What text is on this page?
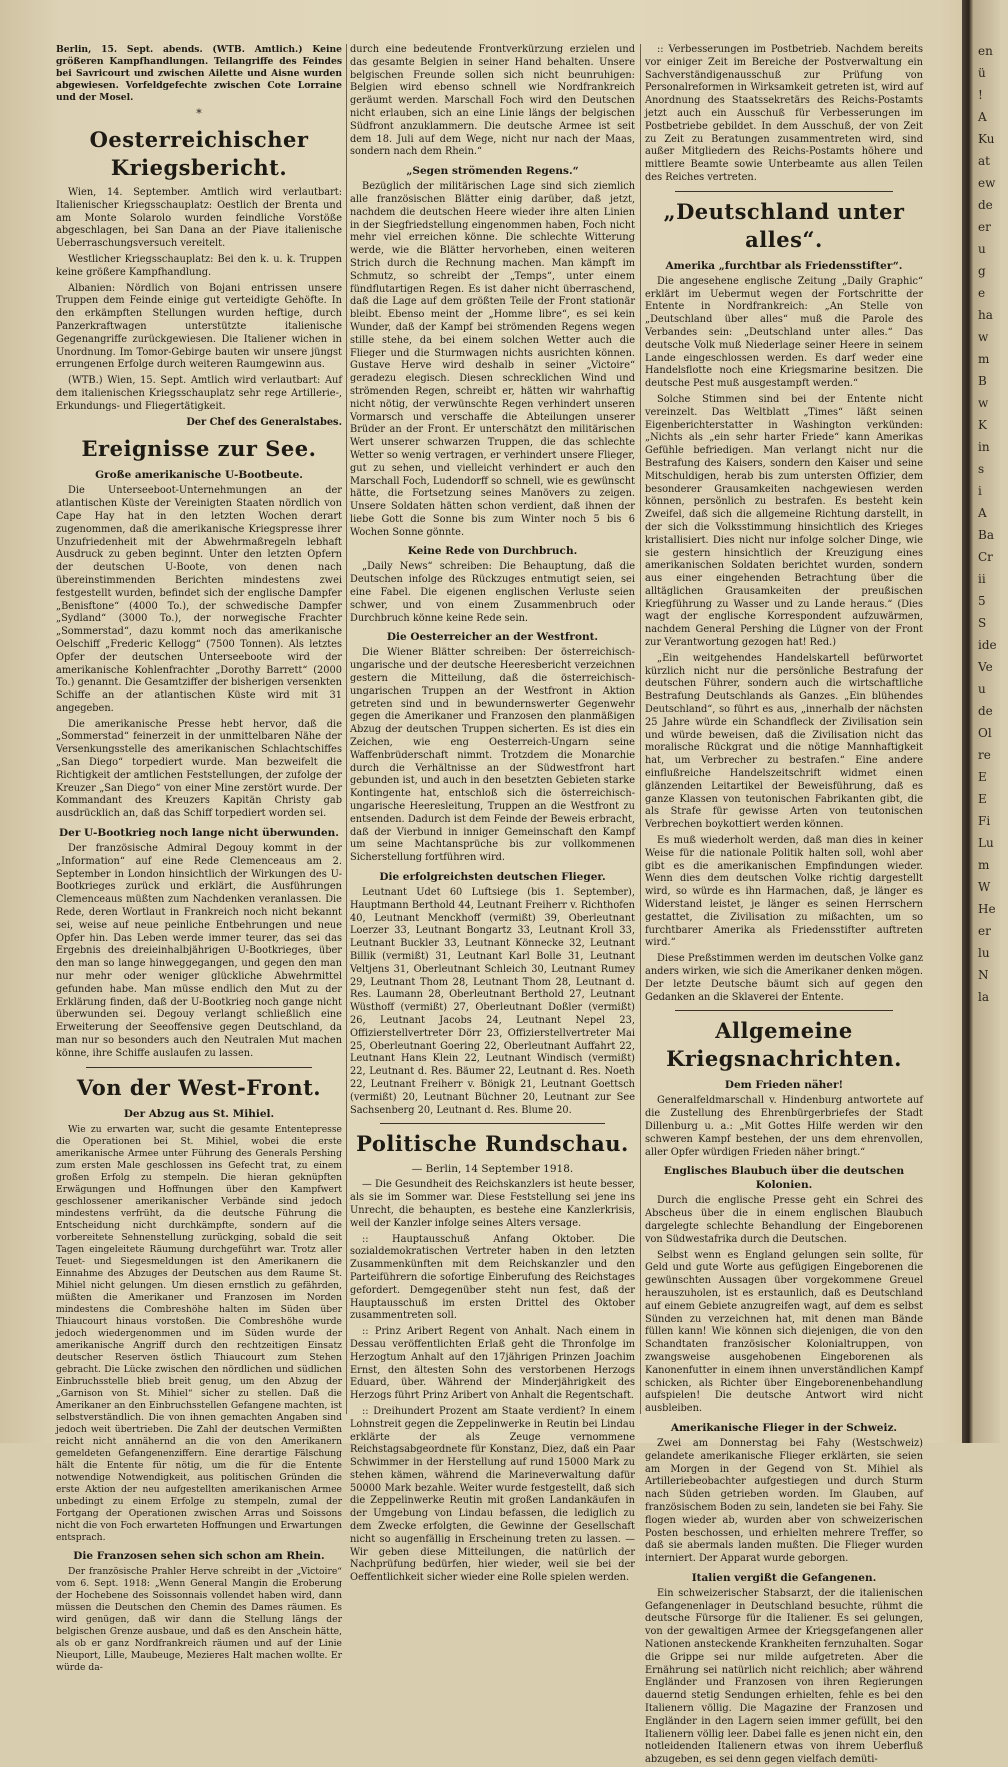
Berlin, 15. Sept. abends. (WTB. Amtlich.) Keine größeren Kampfhandlungen. Teilangriffe des Feindes bei Savricourt und zwischen Ailette und Aisne wurden abgewiesen. Vorfeldgefechte zwischen Cote Lorraine und der Mosel.

*
Oesterreichischer Kriegsbericht.

Wien, 14. September. Amtlich wird verlautbart: Italienischer Kriegsschauplatz: Oestlich der Brenta und am Monte Solarolo wurden feindliche Vorstöße abgeschlagen, bei San Dana an der Piave italienische Ueberraschungsversuch vereitelt.

Westlicher Kriegsschauplatz: Bei den k. u. k. Truppen keine größere Kampfhandlung.

Albanien: Nördlich von Bojani entrissen unsere Truppen dem Feinde einige gut verteidigte Gehöfte. In den erkämpften Stellungen wurden heftige, durch Panzerkraftwagen unterstützte italienische Gegenangriffe zurückgewiesen. Die Italiener wichen in Unordnung. Im Tomor-Gebirge bauten wir unsere jüngst errungenen Erfolge durch weiteren Raumgewinn aus.

(WTB.) Wien, 15. Sept. Amtlich wird verlautbart: Auf dem italienischen Kriegsschauplatz sehr rege Artillerie-, Erkundungs- und Fliegertätigkeit.

Der Chef des Generalstabes.

Ereignisse zur See.
Große amerikanische U-Bootbeute.

Die Unterseeboot-Unternehmungen an der atlantischen Küste der Vereinigten Staaten nördlich von Cape Hay hat in den letzten Wochen derart zugenommen, daß die amerikanische Kriegspresse ihrer Unzufriedenheit mit der Abwehrmaßregeln lebhaft Ausdruck zu geben beginnt. Unter den letzten Opfern der deutschen U-Boote, von denen nach übereinstimmenden Berichten mindestens zwei festgestellt wurden, befindet sich der englische Dampfer „Benisftone“ (4000 To.), der schwedische Dampfer „Sydland“ (3000 To.), der norwegische Frachter „Sommerstad“, dazu kommt noch das amerikanische Oelschiff „Frederic Kellogg“ (7500 Tonnen). Als letztes Opfer der deutschen Unterseeboote wird der amerikanische Kohlenfrachter „Dorothy Barrett“ (2000 To.) genannt. Die Gesamtziffer der bisherigen versenkten Schiffe an der atlantischen Küste wird mit 31 angegeben.

Die amerikanische Presse hebt hervor, daß die „Sommerstad“ feinerzeit in der unmittelbaren Nähe der Versenkungsstelle des amerikanischen Schlachtschiffes „San Diego“ torpediert wurde. Man bezweifelt die Richtigkeit der amtlichen Feststellungen, der zufolge der Kreuzer „San Diego“ von einer Mine zerstört wurde. Der Kommandant des Kreuzers Kapitän Christy gab ausdrücklich an, daß das Schiff torpediert worden sei.

Der U-Bootkrieg noch lange nicht überwunden.

Der französische Admiral Degouy kommt in der „Information“ auf eine Rede Clemenceaus am 2. September in London hinsichtlich der Wirkungen des U-Bootkrieges zurück und erklärt, die Ausführungen Clemenceaus müßten zum Nachdenken veranlassen. Die Rede, deren Wortlaut in Frankreich noch nicht bekannt sei, weise auf neue peinliche Entbehrungen und neue Opfer hin. Das Leben werde immer teurer, das sei das Ergebnis des dreieinhalbjährigen U-Bootkrieges, über den man so lange hinweggegangen, und gegen den man nur mehr oder weniger glückliche Abwehrmittel gefunden habe. Man müsse endlich den Mut zu der Erklärung finden, daß der U-Bootkrieg noch gange nicht überwunden sei. Degouy verlangt schließlich eine Erweiterung der Seeoffensive gegen Deutschland, da man nur so besonders auch den Neutralen Mut machen könne, ihre Schiffe auslaufen zu lassen.

Von der West-Front.
Der Abzug aus St. Mihiel.

Wie zu erwarten war, sucht die gesamte Ententepresse die Operationen bei St. Mihiel, wobei die erste amerikanische Armee unter Führung des Generals Pershing zum ersten Male geschlossen ins Gefecht trat, zu einem großen Erfolg zu stempeln. Die hieran geknüpften Erwägungen und Hoffnungen über den Kampfwert geschlossener amerikanischer Verbände sind jedoch mindestens verfrüht, da die deutsche Führung die Entscheidung nicht durchkämpfte, sondern auf die vorbereitete Sehnenstellung zurückging, sobald die seit Tagen eingeleitete Räumung durchgeführt war. Trotz aller Teuet- und Siegesmeldungen ist den Amerikanern die Einnahme des Abzuges der Deutschen aus dem Raume St. Mihiel nicht gelungen. Um diesen ernstlich zu gefährden, müßten die Amerikaner und Franzosen im Norden mindestens die Combreshöhe halten im Süden über Thiaucourt hinaus vorstoßen. Die Combreshöhe wurde jedoch wiedergenommen und im Süden wurde der amerikanische Angriff durch den rechtzeitigen Einsatz deutscher Reserven östlich Thiaucourt zum Stehen gebracht. Die Lücke zwischen den nördlichen und südlichen Einbruchsstelle blieb breit genug, um den Abzug der „Garnison von St. Mihiel“ sicher zu stellen. Daß die Amerikaner an den Einbruchsstellen Gefangene machten, ist selbstverständlich. Die von ihnen gemachten Angaben sind jedoch weit übertrieben. Die Zahl der deutschen Vermißten reicht nicht annähernd an die von den Amerikanern gemeldeten Gefangenenziffern. Eine derartige Fälschung hält die Entente für nötig, um die für die Entente notwendige Notwendigkeit, aus politischen Gründen die erste Aktion der neu aufgestellten amerikanischen Armee unbedingt zu einem Erfolge zu stempeln, zumal der Fortgang der Operationen zwischen Arras und Soissons nicht die von Foch erwarteten Hoffnungen und Erwartungen entsprach.

Die Franzosen sehen sich schon am Rhein.

Der französische Prahler Herve schreibt in der „Victoire“ vom 6. Sept. 1918: „Wenn General Mangin die Eroberung der Hochebene des Soissonnais vollendet haben wird, dann müssen die Deutschen den Chemin des Dames räumen. Es wird genügen, daß wir dann die Stellung längs der belgischen Grenze ausbaue, und daß es den Anschein hätte, als ob er ganz Nordfrankreich räumen und auf der Linie Nieuport, Lille, Maubeuge, Mezieres Halt machen wollte. Er würde da-

durch eine bedeutende Frontverkürzung erzielen und das gesamte Belgien in seiner Hand behalten. Unsere belgischen Freunde sollen sich nicht beunruhigen: Belgien wird ebenso schnell wie Nordfrankreich geräumt werden. Marschall Foch wird den Deutschen nicht erlauben, sich an eine Linie längs der belgischen Südfront anzuklammern. Die deutsche Armee ist seit dem 18. Juli auf dem Wege, nicht nur nach der Maas, sondern nach dem Rhein.“

„Segen strömenden Regens.“

Bezüglich der militärischen Lage sind sich ziemlich alle französischen Blätter einig darüber, daß jetzt, nachdem die deutschen Heere wieder ihre alten Linien in der Siegfriedstellung eingenommen haben, Foch nicht mehr viel erreichen könne. Die schlechte Witterung werde, wie die Blätter hervorheben, einen weiteren Strich durch die Rechnung machen. Man kämpft im Schmutz, so schreibt der „Temps“, unter einem fündflutartigen Regen. Es ist daher nicht überraschend, daß die Lage auf dem größten Teile der Front stationär bleibt. Ebenso meint der „Homme libre“, es sei kein Wunder, daß der Kampf bei strömenden Regens wegen stille stehe, da bei einem solchen Wetter auch die Flieger und die Sturmwagen nichts ausrichten können. Gustave Herve wird deshalb in seiner „Victoire“ geradezu elegisch. Diesen schrecklichen Wind und strömenden Regen, schreibt er, hätten wir wahrhaftig nicht nötig, der verwünschte Regen verhindert unseren Vormarsch und verschaffe die Abteilungen unserer Brüder an der Front. Er unterschätzt den militärischen Wert unserer schwarzen Truppen, die das schlechte Wetter so wenig vertragen, er verhindert unsere Flieger, gut zu sehen, und vielleicht verhindert er auch den Marschall Foch, Ludendorff so schnell, wie es gewünscht hätte, die Fortsetzung seines Manövers zu zeigen. Unsere Soldaten hätten schon verdient, daß ihnen der liebe Gott die Sonne bis zum Winter noch 5 bis 6 Wochen Sonne gönnte.

Keine Rede von Durchbruch.

„Daily News“ schreiben: Die Behauptung, daß die Deutschen infolge des Rückzuges entmutigt seien, sei eine Fabel. Die eigenen englischen Verluste seien schwer, und von einem Zusammenbruch oder Durchbruch könne keine Rede sein.

Die Oesterreicher an der Westfront.

Die Wiener Blätter schreiben: Der österreichisch-ungarische und der deutsche Heeresbericht verzeichnen gestern die Mitteilung, daß die österreichisch-ungarischen Truppen an der Westfront in Aktion getreten sind und in bewundernswerter Gegenwehr gegen die Amerikaner und Franzosen den planmäßigen Abzug der deutschen Truppen sicherten. Es ist dies ein Zeichen, wie eng Oesterreich-Ungarn seine Waffenbrüderschaft nimmt. Trotzdem die Monarchie durch die Verhältnisse an der Südwestfront hart gebunden ist, und auch in den besetzten Gebieten starke Kontingente hat, entschloß sich die österreichisch-ungarische Heeresleitung, Truppen an die Westfront zu entsenden. Dadurch ist dem Feinde der Beweis erbracht, daß der Vierbund in inniger Gemeinschaft den Kampf um seine Machtansprüche bis zur vollkommenen Sicherstellung fortführen wird.

Die erfolgreichsten deutschen Flieger.

Leutnant Udet 60 Luftsiege (bis 1. September), Hauptmann Berthold 44, Leutnant Freiherr v. Richthofen 40, Leutnant Menckhoff (vermißt) 39, Oberleutnant Loerzer 33, Leutnant Bongartz 33, Leutnant Kroll 33, Leutnant Buckler 33, Leutnant Könnecke 32, Leutnant Billik (vermißt) 31, Leutnant Karl Bolle 31, Leutnant Veltjens 31, Oberleutnant Schleich 30, Leutnant Rumey 29, Leutnant Thom 28, Leutnant Thom 28, Leutnant d. Res. Laumann 28, Oberleutnant Berthold 27, Leutnant Wüsthoff (vermißt) 27, Oberleutnant Doßler (vermißt) 26, Leutnant Jacobs 24, Leutnant Nepel 23, Offizierstellvertreter Dörr 23, Offizierstellvertreter Mai 25, Oberleutnant Goering 22, Oberleutnant Auffahrt 22, Leutnant Hans Klein 22, Leutnant Windisch (vermißt) 22, Leutnant d. Res. Bäumer 22, Leutnant d. Res. Noeth 22, Leutnant Freiherr v. Bönigk 21, Leutnant Goettsch (vermißt) 20, Leutnant Büchner 20, Leutnant zur See Sachsenberg 20, Leutnant d. Res. Blume 20.

Politische Rundschau.
— Berlin, 14 September 1918.

— Die Gesundheit des Reichskanzlers ist heute besser, als sie im Sommer war. Diese Feststellung sei jene ins Unrecht, die behaupten, es bestehe eine Kanzlerkrisis, weil der Kanzler infolge seines Alters versage.

:: Hauptausschuß Anfang Oktober. Die sozialdemokratischen Vertreter haben in den letzten Zusammenkünften mit dem Reichskanzler und den Parteiführern die sofortige Einberufung des Reichstages gefordert. Demgegenüber steht nun fest, daß der Hauptausschuß im ersten Drittel des Oktober zusammentreten soll.

:: Prinz Aribert Regent von Anhalt. Nach einem in Dessau veröffentlichten Erlaß geht die Thronfolge im Herzogtum Anhalt auf den 17jährigen Prinzen Joachim Ernst, den ältesten Sohn des verstorbenen Herzogs Eduard, über. Während der Minderjährigkeit des Herzogs führt Prinz Aribert von Anhalt die Regentschaft.

:: Dreihundert Prozent am Staate verdient? In einem Lohnstreit gegen die Zeppelinwerke in Reutin bei Lindau erklärte der als Zeuge vernommene Reichstagsabgeordnete für Konstanz, Diez, daß ein Paar Schwimmer in der Herstellung auf rund 15000 Mark zu stehen kämen, während die Marineverwaltung dafür 50000 Mark bezahle. Weiter wurde festgestellt, daß sich die Zeppelinwerke Reutin mit großen Landankäufen in der Umgebung von Lindau befassen, die lediglich zu dem Zwecke erfolgten, die Gewinne der Gesellschaft nicht so augenfällig in Erscheinung treten zu lassen. — Wir geben diese Mitteilungen, die natürlich der Nachprüfung bedürfen, hier wieder, weil sie bei der Oeffentlichkeit sicher wieder eine Rolle spielen werden.

:: Verbesserungen im Postbetrieb. Nachdem bereits vor einiger Zeit im Bereiche der Postverwaltung ein Sachverständigenausschuß zur Prüfung von Personalreformen in Wirksamkeit getreten ist, wird auf Anordnung des Staatssekretärs des Reichs-Postamts jetzt auch ein Ausschuß für Verbesserungen im Postbetriebe gebildet. In dem Ausschuß, der von Zeit zu Zeit zu Beratungen zusammentreten wird, sind außer Mitgliedern des Reichs-Postamts höhere und mittlere Beamte sowie Unterbeamte aus allen Teilen des Reiches vertreten.

„Deutschland unter alles“.
Amerika „furchtbar als Friedensstifter“.

Die angesehene englische Zeitung „Daily Graphic“ erklärt im Uebermut wegen der Fortschritte der Entente in Nordfrankreich: „An Stelle von „Deutschland über alles“ muß die Parole des Verbandes sein: „Deutschland unter alles.“ Das deutsche Volk muß Niederlage seiner Heere in seinem Lande eingeschlossen werden. Es darf weder eine Handelsflotte noch eine Kriegsmarine besitzen. Die deutsche Pest muß ausgestampft werden.“

Solche Stimmen sind bei der Entente nicht vereinzelt. Das Weltblatt „Times“ läßt seinen Eigenberichterstatter in Washington verkünden: „Nichts als „ein sehr harter Friede“ kann Amerikas Gefühle befriedigen. Man verlangt nicht nur die Bestrafung des Kaisers, sondern den Kaiser und seine Mitschuldigen, herab bis zum untersten Offizier, dem besonderer Grausamkeiten nachgewiesen werden können, persönlich zu bestrafen. Es besteht kein Zweifel, daß sich die allgemeine Richtung darstellt, in der sich die Volksstimmung hinsichtlich des Krieges kristallisiert. Dies nicht nur infolge solcher Dinge, wie sie gestern hinsichtlich der Kreuzigung eines amerikanischen Soldaten berichtet wurden, sondern aus einer eingehenden Betrachtung über die alltäglichen Grausamkeiten der preußischen Kriegführung zu Wasser und zu Lande heraus.“ (Dies wagt der englische Korrespondent aufzuwärmen, nachdem General Pershing die Lügner von der Front zur Verantwortung gezogen hat! Red.)

„Ein weitgehendes Handelskartell befürwortet kürzlich nicht nur die persönliche Bestrafung der deutschen Führer, sondern auch die wirtschaftliche Bestrafung Deutschlands als Ganzes. „Ein blühendes Deutschland“, so führt es aus, „innerhalb der nächsten 25 Jahre würde ein Schandfleck der Zivilisation sein und würde beweisen, daß die Zivilisation nicht das moralische Rückgrat und die nötige Mannhaftigkeit hat, um Verbrecher zu bestrafen.“ Eine andere einflußreiche Handelszeitschrift widmet einen glänzenden Leitartikel der Beweisführung, daß es ganze Klassen von teutonischen Fabrikanten gibt, die als Strafe für gewisse Arten von teutonischen Verbrechen boykottiert werden können.

Es muß wiederholt werden, daß man dies in keiner Weise für die nationale Politik halten soll, wohl aber gibt es die amerikanischen Empfindungen wieder. Wenn dies dem deutschen Volke richtig dargestellt wird, so würde es ihn Harmachen, daß, je länger es Widerstand leistet, je länger es seinen Herrschern gestattet, die Zivilisation zu mißachten, um so furchtbarer Amerika als Friedensstifter auftreten wird.“

Diese Preßstimmen werden im deutschen Volke ganz anders wirken, wie sich die Amerikaner denken mögen. Der letzte Deutsche bäumt sich auf gegen den Gedanken an die Sklaverei der Entente.

Allgemeine Kriegsnachrichten.
Dem Frieden näher!

Generalfeldmarschall v. Hindenburg antwortete auf die Zustellung des Ehrenbürgerbriefes der Stadt Dillenburg u. a.: „Mit Gottes Hilfe werden wir den schweren Kampf bestehen, der uns dem ehrenvollen, aller Opfer würdigen Frieden näher bringt.“

Englisches Blaubuch über die deutschen Kolonien.

Durch die englische Presse geht ein Schrei des Abscheus über die in einem englischen Blaubuch dargelegte schlechte Behandlung der Eingeborenen von Südwestafrika durch die Deutschen.

Selbst wenn es England gelungen sein sollte, für Geld und gute Worte aus gefügigen Eingeborenen die gewünschten Aussagen über vorgekommene Greuel herauszuholen, ist es erstaunlich, daß es Deutschland auf einem Gebiete anzugreifen wagt, auf dem es selbst Sünden zu verzeichnen hat, mit denen man Bände füllen kann! Wie können sich diejenigen, die von den Schandtaten französischer Kolonialtruppen, von zwangsweise ausgehobenen Eingeborenen als Kanonenfutter in einem ihnen unverständlichen Kampf schicken, als Richter über Eingeborenenbehandlung aufspielen! Die deutsche Antwort wird nicht ausbleiben.

Amerikanische Flieger in der Schweiz.

Zwei am Donnerstag bei Fahy (Westschweiz) gelandete amerikanische Flieger erklärten, sie seien am Morgen in der Gegend von St. Mihiel als Artilleriebeobachter aufgestiegen und durch Sturm nach Süden getrieben worden. Im Glauben, auf französischem Boden zu sein, landeten sie bei Fahy. Sie flogen wieder ab, wurden aber von schweizerischen Posten beschossen, und erhielten mehrere Treffer, so daß sie abermals landen mußten. Die Flieger wurden interniert. Der Apparat wurde geborgen.

Italien vergißt die Gefangenen.

Ein schweizerischer Stabsarzt, der die italienischen Gefangenenlager in Deutschland besuchte, rühmt die deutsche Fürsorge für die Italiener. Es sei gelungen, von der gewaltigen Armee der Kriegsgefangenen aller Nationen ansteckende Krankheiten fernzuhalten. Sogar die Grippe sei nur milde aufgetreten. Aber die Ernährung sei natürlich nicht reichlich; aber während Engländer und Franzosen von ihren Regierungen dauernd stetig Sendungen erhielten, fehle es bei den Italienern völlig. Die Magazine der Franzosen und Engländer in den Lagern seien immer gefüllt, bei den Italienern völlig leer. Dabei falle es jenen nicht ein, den notleidenden Italienern etwas von ihrem Ueberfluß abzugeben, es sei denn gegen vielfach demüti-

en
ü
!
A
Ku
at
ew
de
er
u
g
e
ha
w
m
B
w
K
in
s
i
A
Ba
Cr
ii
5
S
ide
Ve
u
de
Ol
re
E
E
Fi
Lu
m
W
He
er
lu
N
la
